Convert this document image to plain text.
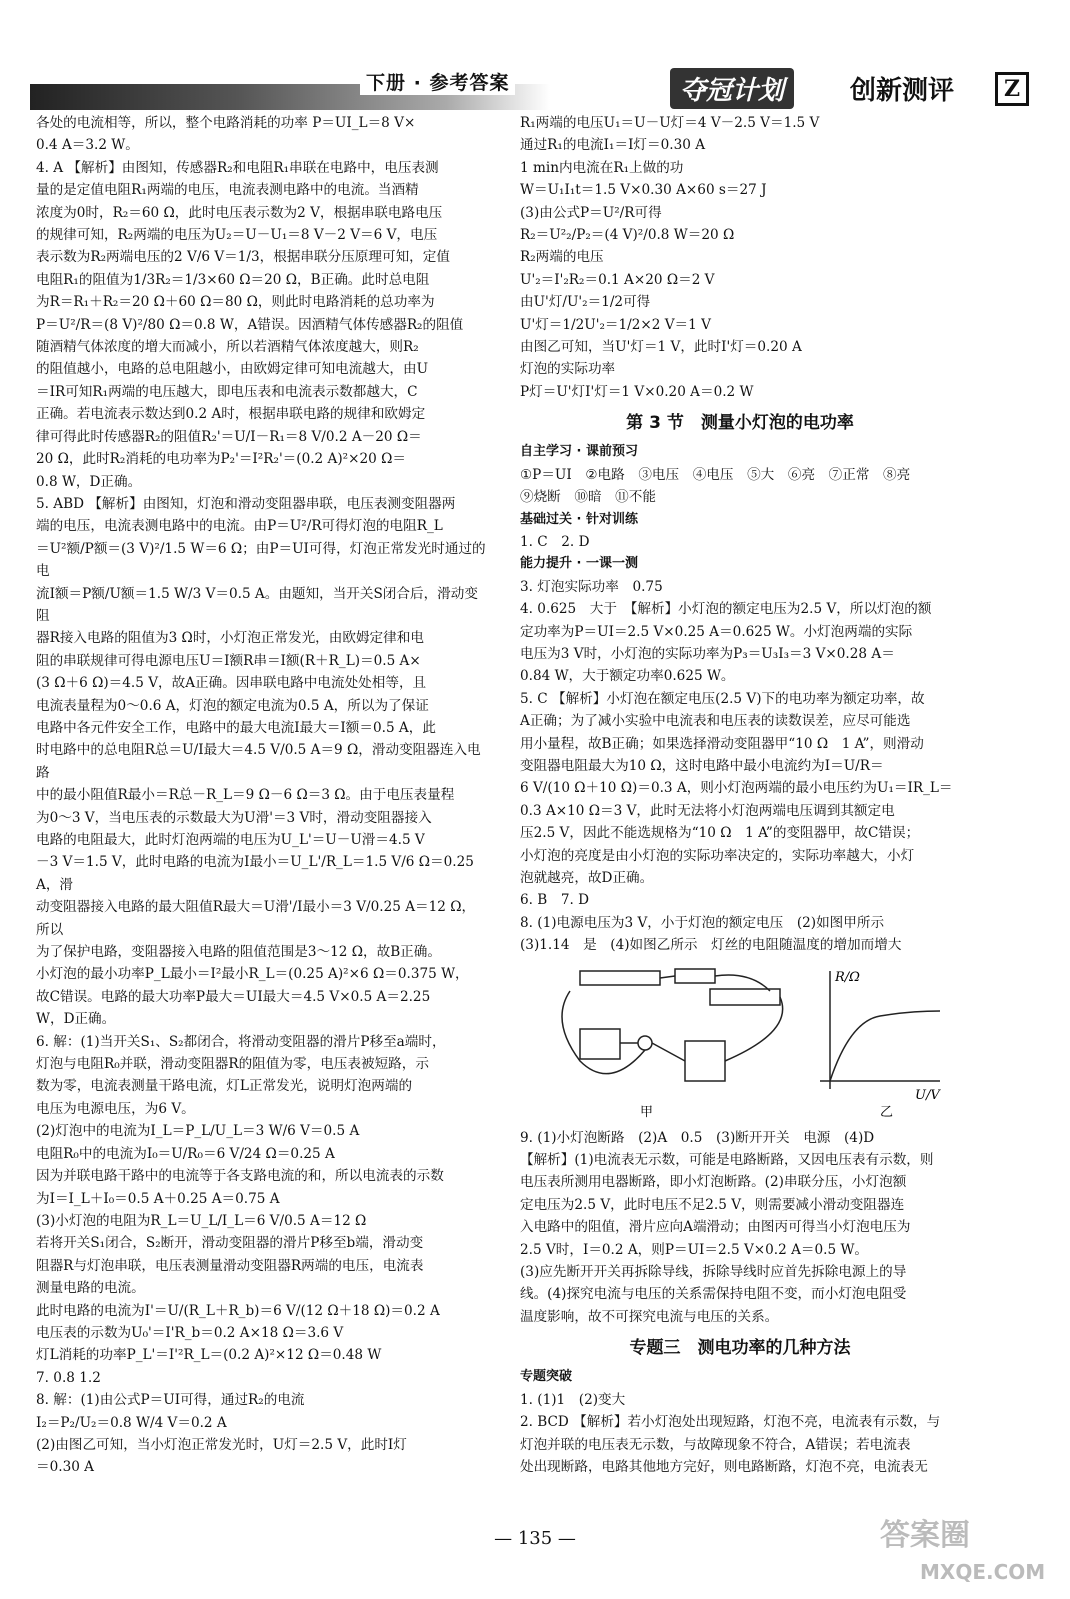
下册 · 参考答案	夺冠计划	创新测评	Z

各处的电流相等，所以，整个电路消耗的功率 P＝UI_L＝8 V×

0.4 A＝3.2 W。

4. A 【解析】由图知，传感器R₂和电阻R₁串联在电路中，电压表测

量的是定值电阻R₁两端的电压，电流表测电路中的电流。当酒精

浓度为0时，R₂＝60 Ω，此时电压表示数为2 V，根据串联电路电压

的规律可知，R₂两端的电压为U₂＝U－U₁＝8 V－2 V＝6 V，电压

表示数为R₂两端电压的2 V/6 V＝1/3，根据串联分压原理可知，定值

电阻R₁的阻值为1/3R₂＝1/3×60 Ω＝20 Ω，B正确。此时总电阻

为R＝R₁＋R₂＝20 Ω＋60 Ω＝80 Ω，则此时电路消耗的总功率为

P＝U²/R＝(8 V)²/80 Ω＝0.8 W，A错误。因酒精气体传感器R₂的阻值

随酒精气体浓度的增大而减小，所以若酒精气体浓度越大，则R₂

的阻值越小，电路的总电阻越小，由欧姆定律可知电流越大，由U

＝IR可知R₁两端的电压越大，即电压表和电流表示数都越大，C

正确。若电流表示数达到0.2 A时，根据串联电路的规律和欧姆定

律可得此时传感器R₂的阻值R₂'＝U/I－R₁＝8 V/0.2 A－20 Ω＝

20 Ω，此时R₂消耗的电功率为P₂'＝I²R₂'＝(0.2 A)²×20 Ω＝

0.8 W，D正确。

5. ABD 【解析】由图知，灯泡和滑动变阻器串联，电压表测变阻器两

端的电压，电流表测电路中的电流。由P＝U²/R可得灯泡的电阻R_L

＝U²额/P额＝(3 V)²/1.5 W＝6 Ω；由P＝UI可得，灯泡正常发光时通过的电

流I额＝P额/U额＝1.5 W/3 V＝0.5 A。由题知，当开关S闭合后，滑动变阻

器R接入电路的阻值为3 Ω时，小灯泡正常发光，由欧姆定律和电

阻的串联规律可得电源电压U＝I额R串＝I额(R＋R_L)＝0.5 A×

(3 Ω＋6 Ω)＝4.5 V，故A正确。因串联电路中电流处处相等，且

电流表量程为0～0.6 A，灯泡的额定电流为0.5 A，所以为了保证

电路中各元件安全工作，电路中的最大电流I最大＝I额＝0.5 A，此

时电路中的总电阻R总＝U/I最大＝4.5 V/0.5 A＝9 Ω，滑动变阻器连入电路

中的最小阻值R最小＝R总－R_L＝9 Ω－6 Ω＝3 Ω。由于电压表量程

为0～3 V，当电压表的示数最大为U滑'＝3 V时，滑动变阻器接入

电路的电阻最大，此时灯泡两端的电压为U_L'＝U－U滑＝4.5 V

－3 V＝1.5 V，此时电路的电流为I最小＝U_L'/R_L＝1.5 V/6 Ω＝0.25 A，滑

动变阻器接入电路的最大阻值R最大＝U滑'/I最小＝3 V/0.25 A＝12 Ω，所以

为了保护电路，变阻器接入电路的阻值范围是3～12 Ω，故B正确。

小灯泡的最小功率P_L最小＝I²最小R_L＝(0.25 A)²×6 Ω＝0.375 W，

故C错误。电路的最大功率P最大＝UI最大＝4.5 V×0.5 A＝2.25

W，D正确。

6. 解：(1)当开关S₁、S₂都闭合，将滑动变阻器的滑片P移至a端时，

灯泡与电阻R₀并联，滑动变阻器R的阻值为零，电压表被短路，示

数为零，电流表测量干路电流，灯L正常发光，说明灯泡两端的

电压为电源电压，为6 V。

(2)灯泡中的电流为I_L＝P_L/U_L＝3 W/6 V＝0.5 A

电阻R₀中的电流为I₀＝U/R₀＝6 V/24 Ω＝0.25 A

因为并联电路干路中的电流等于各支路电流的和，所以电流表的示数

为I＝I_L＋I₀＝0.5 A＋0.25 A＝0.75 A

(3)小灯泡的电阻为R_L＝U_L/I_L＝6 V/0.5 A＝12 Ω

若将开关S₁闭合，S₂断开，滑动变阻器的滑片P移至b端，滑动变

阻器R与灯泡串联，电压表测量滑动变阻器R两端的电压，电流表

测量电路的电流。

此时电路的电流为I'＝U/(R_L＋R_b)＝6 V/(12 Ω＋18 Ω)＝0.2 A

电压表的示数为U₀'＝I'R_b＝0.2 A×18 Ω＝3.6 V

灯L消耗的功率P_L'＝I'²R_L＝(0.2 A)²×12 Ω＝0.48 W

7. 0.8 1.2

8. 解：(1)由公式P＝UI可得，通过R₂的电流

I₂＝P₂/U₂＝0.8 W/4 V＝0.2 A

(2)由图乙可知，当小灯泡正常发光时，U灯＝2.5 V，此时I灯

＝0.30 A

R₁两端的电压U₁＝U－U灯＝4 V－2.5 V＝1.5 V

通过R₁的电流I₁＝I灯＝0.30 A

1 min内电流在R₁上做的功

W＝U₁I₁t＝1.5 V×0.30 A×60 s＝27 J

(3)由公式P＝U²/R可得

R₂＝U²₂/P₂＝(4 V)²/0.8 W＝20 Ω

R₂两端的电压

U'₂＝I'₂R₂＝0.1 A×20 Ω＝2 V

由U'灯/U'₂＝1/2可得

U'灯＝1/2U'₂＝1/2×2 V＝1 V

由图乙可知，当U'灯＝1 V，此时I'灯＝0.20 A

灯泡的实际功率

P灯＝U'灯I'灯＝1 V×0.20 A＝0.2 W

第 3 节　测量小灯泡的电功率

自主学习 · 课前预习

①P＝UI　②电路　③电压　④电压　⑤大　⑥亮　⑦正常　⑧亮

⑨烧断　⑩暗　⑪不能

基础过关 · 针对训练

1. C　2. D

能力提升 · 一课一测

3. 灯泡实际功率　0.75

4. 0.625　大于　【解析】小灯泡的额定电压为2.5 V，所以灯泡的额

定功率为P＝UI＝2.5 V×0.25 A＝0.625 W。小灯泡两端的实际

电压为3 V时，小灯泡的实际功率为P₃＝U₃I₃＝3 V×0.28 A＝

0.84 W，大于额定功率0.625 W。

5. C 【解析】小灯泡在额定电压(2.5 V)下的电功率为额定功率，故

A正确；为了减小实验中电流表和电压表的读数误差，应尽可能选

用小量程，故B正确；如果选择滑动变阻器甲“10 Ω　1 A”，则滑动

变阻器电阻最大为10 Ω，这时电路中最小电流约为I＝U/R＝

6 V/(10 Ω＋10 Ω)＝0.3 A，则小灯泡两端的最小电压约为U₁＝IR_L＝

0.3 A×10 Ω＝3 V，此时无法将小灯泡两端电压调到其额定电

压2.5 V，因此不能选规格为“10 Ω　1 A”的变阻器甲，故C错误；

小灯泡的亮度是由小灯泡的实际功率决定的，实际功率越大，小灯

泡就越亮，故D正确。

6. B　7. D

8. (1)电源电压为3 V，小于灯泡的额定电压　(2)如图甲所示

(3)1.14　是　(4)如图乙所示　灯丝的电阻随温度的增加而增大

R/Ω
U/V
甲	乙

9. (1)小灯泡断路　(2)A　0.5　(3)断开开关　电源　(4)D

【解析】(1)电流表无示数，可能是电路断路，又因电压表有示数，则

电压表所测用电器断路，即小灯泡断路。(2)串联分压，小灯泡额

定电压为2.5 V，此时电压不足2.5 V，则需要减小滑动变阻器连

入电路中的阻值，滑片应向A端滑动；由图丙可得当小灯泡电压为

2.5 V时，I＝0.2 A，则P＝UI＝2.5 V×0.2 A＝0.5 W。

(3)应先断开开关再拆除导线，拆除导线时应首先拆除电源上的导

线。(4)探究电流与电压的关系需保持电阻不变，而小灯泡电阻受

温度影响，故不可探究电流与电压的关系。

专题三　测电功率的几种方法

专题突破

1. (1)1　(2)变大

2. BCD 【解析】若小灯泡处出现短路，灯泡不亮，电流表有示数，与

灯泡并联的电压表无示数，与故障现象不符合，A错误；若电流表

处出现断路，电路其他地方完好，则电路断路，灯泡不亮，电流表无

— 135 —	答案圈
MXQE.COM
